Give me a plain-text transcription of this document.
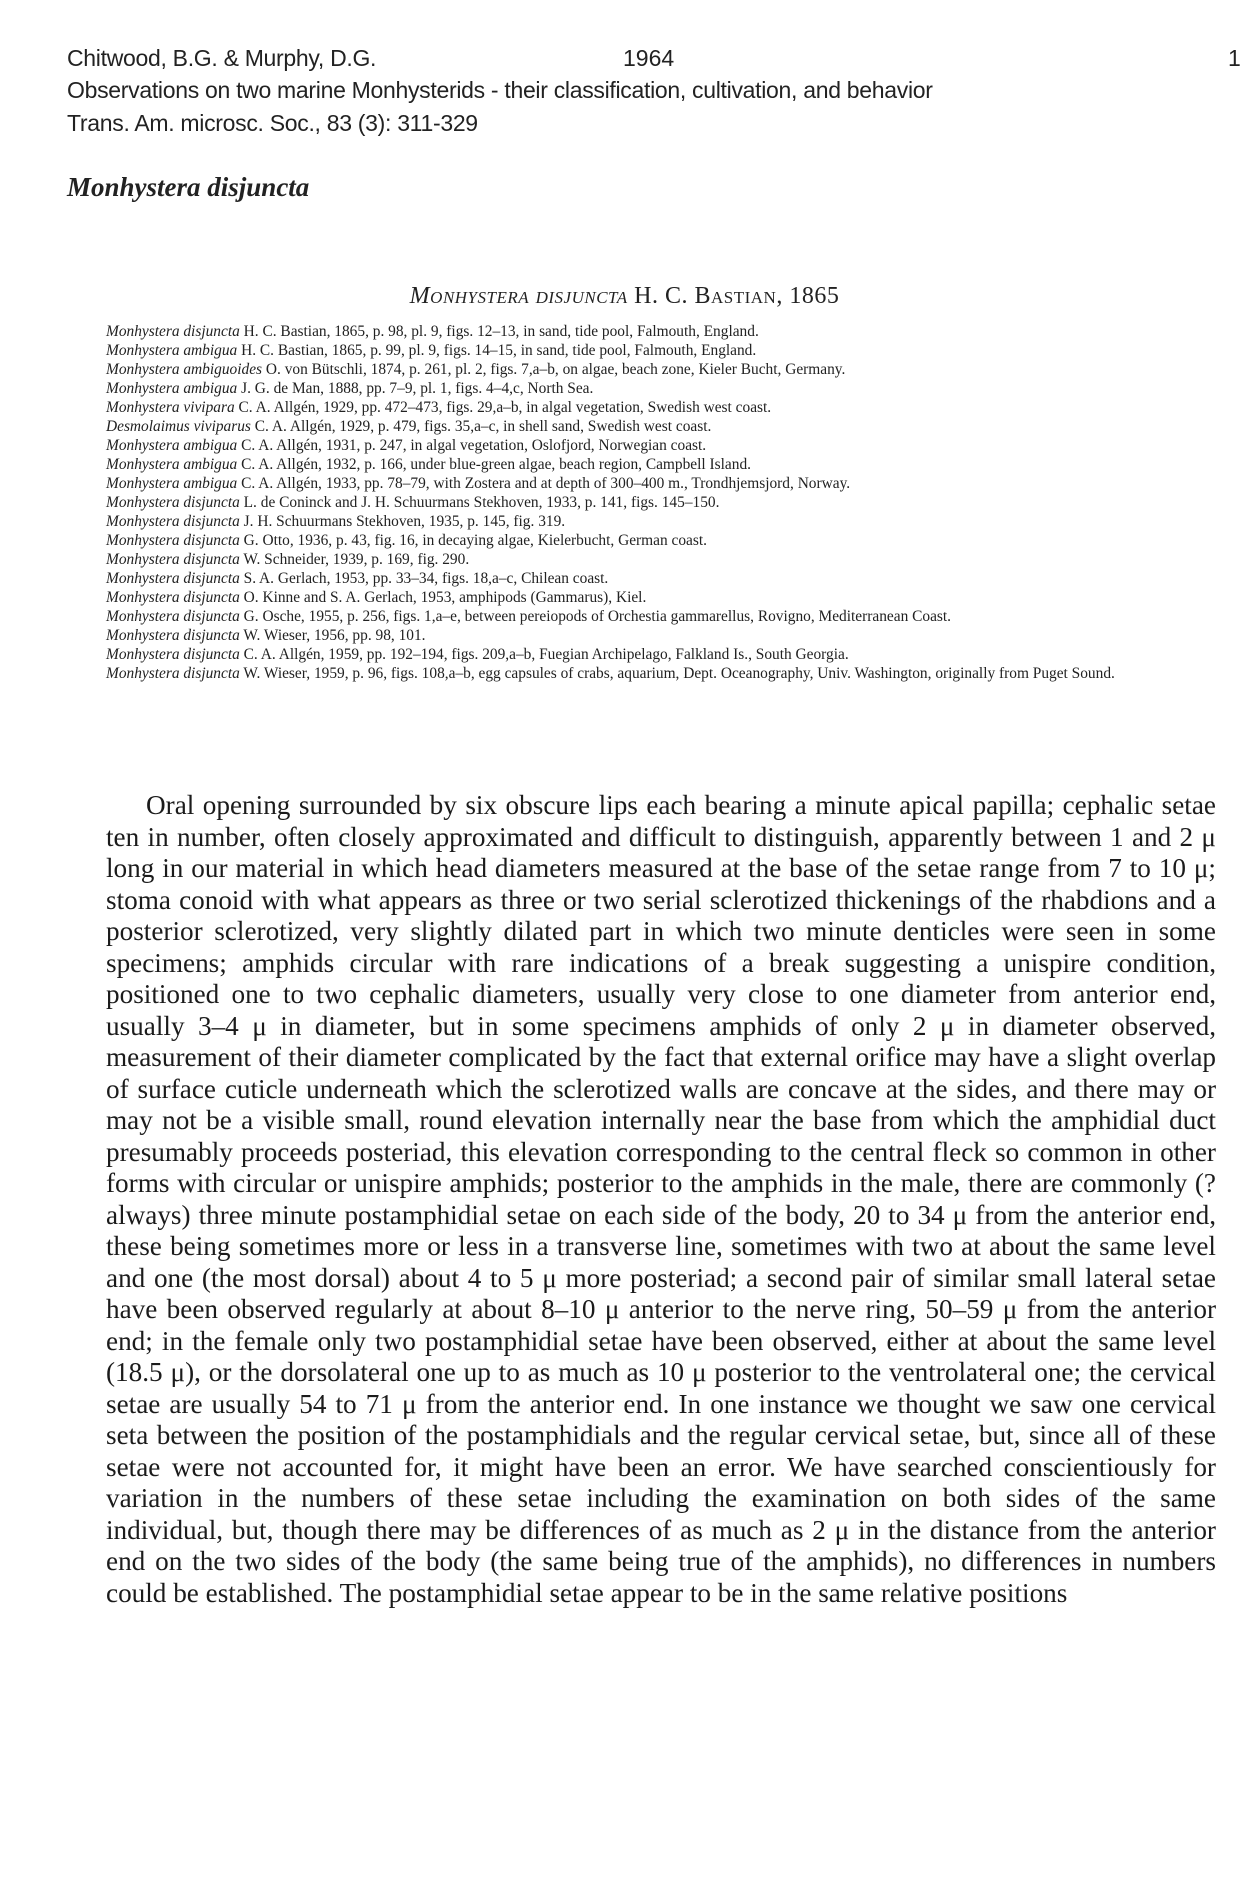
Chitwood, B.G. & Murphy, D.G.	1964	1
Observations on two marine Monhysterids - their classification, cultivation, and behavior
Trans. Am. microsc. Soc., 83 (3): 311-329
Monhystera disjuncta
Monhystera disjuncta H. C. Bastian, 1865
Monhystera disjuncta H. C. Bastian, 1865, p. 98, pl. 9, figs. 12–13, in sand, tide pool, Falmouth, England.
Monhystera ambigua H. C. Bastian, 1865, p. 99, pl. 9, figs. 14–15, in sand, tide pool, Falmouth, England.
Monhystera ambiguoides O. von Bütschli, 1874, p. 261, pl. 2, figs. 7,a–b, on algae, beach zone, Kieler Bucht, Germany.
Monhystera ambigua J. G. de Man, 1888, pp. 7–9, pl. 1, figs. 4–4,c, North Sea.
Monhystera vivipara C. A. Allgén, 1929, pp. 472–473, figs. 29,a–b, in algal vegetation, Swedish west coast.
Desmolaimus viviparus C. A. Allgén, 1929, p. 479, figs. 35,a–c, in shell sand, Swedish west coast.
Monhystera ambigua C. A. Allgén, 1931, p. 247, in algal vegetation, Oslofjord, Norwegian coast.
Monhystera ambigua C. A. Allgén, 1932, p. 166, under blue-green algae, beach region, Campbell Island.
Monhystera ambigua C. A. Allgén, 1933, pp. 78–79, with Zostera and at depth of 300–400 m., Trondhjemsjord, Norway.
Monhystera disjuncta L. de Coninck and J. H. Schuurmans Stekhoven, 1933, p. 141, figs. 145–150.
Monhystera disjuncta J. H. Schuurmans Stekhoven, 1935, p. 145, fig. 319.
Monhystera disjuncta G. Otto, 1936, p. 43, fig. 16, in decaying algae, Kielerbucht, German coast.
Monhystera disjuncta W. Schneider, 1939, p. 169, fig. 290.
Monhystera disjuncta S. A. Gerlach, 1953, pp. 33–34, figs. 18,a–c, Chilean coast.
Monhystera disjuncta O. Kinne and S. A. Gerlach, 1953, amphipods (Gammarus), Kiel.
Monhystera disjuncta G. Osche, 1955, p. 256, figs. 1,a–e, between pereiopods of Orchestia gammarellus, Rovigno, Mediterranean Coast.
Monhystera disjuncta W. Wieser, 1956, pp. 98, 101.
Monhystera disjuncta C. A. Allgén, 1959, pp. 192–194, figs. 209,a–b, Fuegian Archipelago, Falkland Is., South Georgia.
Monhystera disjuncta W. Wieser, 1959, p. 96, figs. 108,a–b, egg capsules of crabs, aquarium, Dept. Oceanography, Univ. Washington, originally from Puget Sound.

Oral opening surrounded by six obscure lips each bearing a minute apical papilla; cephalic setae ten in number, often closely approximated and difficult to distinguish, apparently between 1 and 2 μ long in our material in which head diameters measured at the base of the setae range from 7 to 10 μ; stoma conoid with what appears as three or two serial sclerotized thickenings of the rhabdions and a posterior sclerotized, very slightly dilated part in which two minute denticles were seen in some specimens; amphids circular with rare indications of a break suggesting a unispire condition, positioned one to two cephalic diameters, usually very close to one diameter from anterior end, usually 3–4 μ in diameter, but in some specimens amphids of only 2 μ in diameter observed, measurement of their diameter complicated by the fact that external orifice may have a slight overlap of surface cuticle underneath which the sclerotized walls are concave at the sides, and there may or may not be a visible small, round elevation internally near the base from which the amphidial duct presumably proceeds posteriad, this elevation corresponding to the central fleck so common in other forms with circular or unispire amphids; posterior to the amphids in the male, there are commonly (? always) three minute postamphidial setae on each side of the body, 20 to 34 μ from the anterior end, these being sometimes more or less in a transverse line, sometimes with two at about the same level and one (the most dorsal) about 4 to 5 μ more posteriad; a second pair of similar small lateral setae have been observed regularly at about 8–10 μ anterior to the nerve ring, 50–59 μ from the anterior end; in the female only two postamphidial setae have been observed, either at about the same level (18.5 μ), or the dorsolateral one up to as much as 10 μ posterior to the ventrolateral one; the cervical setae are usually 54 to 71 μ from the anterior end. In one instance we thought we saw one cervical seta between the position of the postamphidials and the regular cervical setae, but, since all of these setae were not accounted for, it might have been an error. We have searched conscientiously for variation in the numbers of these setae including the examination on both sides of the same individual, but, though there may be differences of as much as 2 μ in the distance from the anterior end on the two sides of the body (the same being true of the amphids), no differences in numbers could be established. The postamphidial setae appear to be in the same relative positions
